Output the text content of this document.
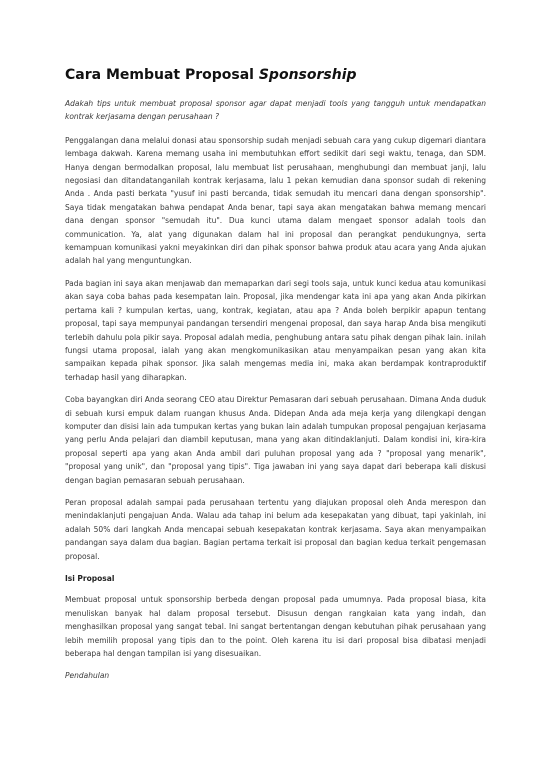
Cara Membuat Proposal Sponsorship

Adakah tips untuk membuat proposal sponsor agar dapat menjadi tools yang tangguh untuk mendapatkan kontrak kerjasama dengan perusahaan ?

Penggalangan dana melalui donasi atau sponsorship sudah menjadi sebuah cara yang cukup digemari diantara lembaga dakwah. Karena memang usaha ini membutuhkan effort sedikit dari segi waktu, tenaga, dan SDM. Hanya dengan bermodalkan proposal, lalu membuat list perusahaan, menghubungi dan membuat janji, lalu negosiasi dan ditandatanganilah kontrak kerjasama, lalu 1 pekan kemudian dana sponsor sudah di rekening Anda . Anda pasti berkata "yusuf ini pasti bercanda, tidak semudah itu mencari dana dengan sponsorship". Saya tidak mengatakan bahwa pendapat Anda benar, tapi saya akan mengatakan bahwa memang mencari dana dengan sponsor "semudah itu". Dua kunci utama dalam mengaet sponsor adalah tools dan communication. Ya, alat yang digunakan dalam hal ini proposal dan perangkat pendukungnya, serta kemampuan komunikasi yakni meyakinkan diri dan pihak sponsor bahwa produk atau acara yang Anda ajukan adalah hal yang menguntungkan.

Pada bagian ini saya akan menjawab dan memaparkan dari segi tools saja, untuk kunci kedua atau komunikasi akan saya coba bahas pada kesempatan lain. Proposal, jika mendengar kata ini apa yang akan Anda pikirkan pertama kali ? kumpulan kertas, uang, kontrak, kegiatan, atau apa ? Anda boleh berpikir apapun tentang proposal, tapi saya mempunyai pandangan tersendiri mengenai proposal, dan saya harap Anda bisa mengikuti terlebih dahulu pola pikir saya. Proposal adalah media, penghubung antara satu pihak dengan pihak lain. inilah fungsi utama proposal, ialah yang akan mengkomunikasikan atau menyampaikan pesan yang akan kita sampaikan kepada pihak sponsor. Jika salah mengemas media ini, maka akan berdampak kontraproduktif terhadap hasil yang diharapkan.

Coba bayangkan diri Anda seorang CEO atau Direktur Pemasaran dari sebuah perusahaan. Dimana Anda duduk di sebuah kursi empuk dalam ruangan khusus Anda. Didepan Anda ada meja kerja yang dilengkapi dengan komputer dan disisi lain ada tumpukan kertas yang bukan lain adalah tumpukan proposal pengajuan kerjasama yang perlu Anda pelajari dan diambil keputusan, mana yang akan ditindaklanjuti. Dalam kondisi ini, kira-kira proposal seperti apa yang akan Anda ambil dari puluhan proposal yang ada ? "proposal yang menarik", "proposal yang unik", dan "proposal yang tipis". Tiga jawaban ini yang saya dapat dari beberapa kali diskusi dengan bagian pemasaran sebuah perusahaan.

Peran proposal adalah sampai pada perusahaan tertentu yang diajukan proposal oleh Anda merespon dan menindaklanjuti pengajuan Anda. Walau ada tahap ini belum ada kesepakatan yang dibuat, tapi yakinlah, ini adalah 50% dari langkah Anda mencapai sebuah kesepakatan kontrak kerjasama. Saya akan menyampaikan pandangan saya dalam dua bagian. Bagian pertama terkait isi proposal dan bagian kedua terkait pengemasan proposal.

Isi Proposal

Membuat proposal untuk sponsorship berbeda dengan proposal pada umumnya. Pada proposal biasa, kita menuliskan banyak hal dalam proposal tersebut. Disusun dengan rangkaian kata yang indah, dan menghasilkan proposal yang sangat tebal. Ini sangat bertentangan dengan kebutuhan pihak perusahaan yang lebih memilih proposal yang tipis dan to the point. Oleh karena itu isi dari proposal bisa dibatasi menjadi beberapa hal dengan tampilan isi yang disesuaikan.

Pendahulan
